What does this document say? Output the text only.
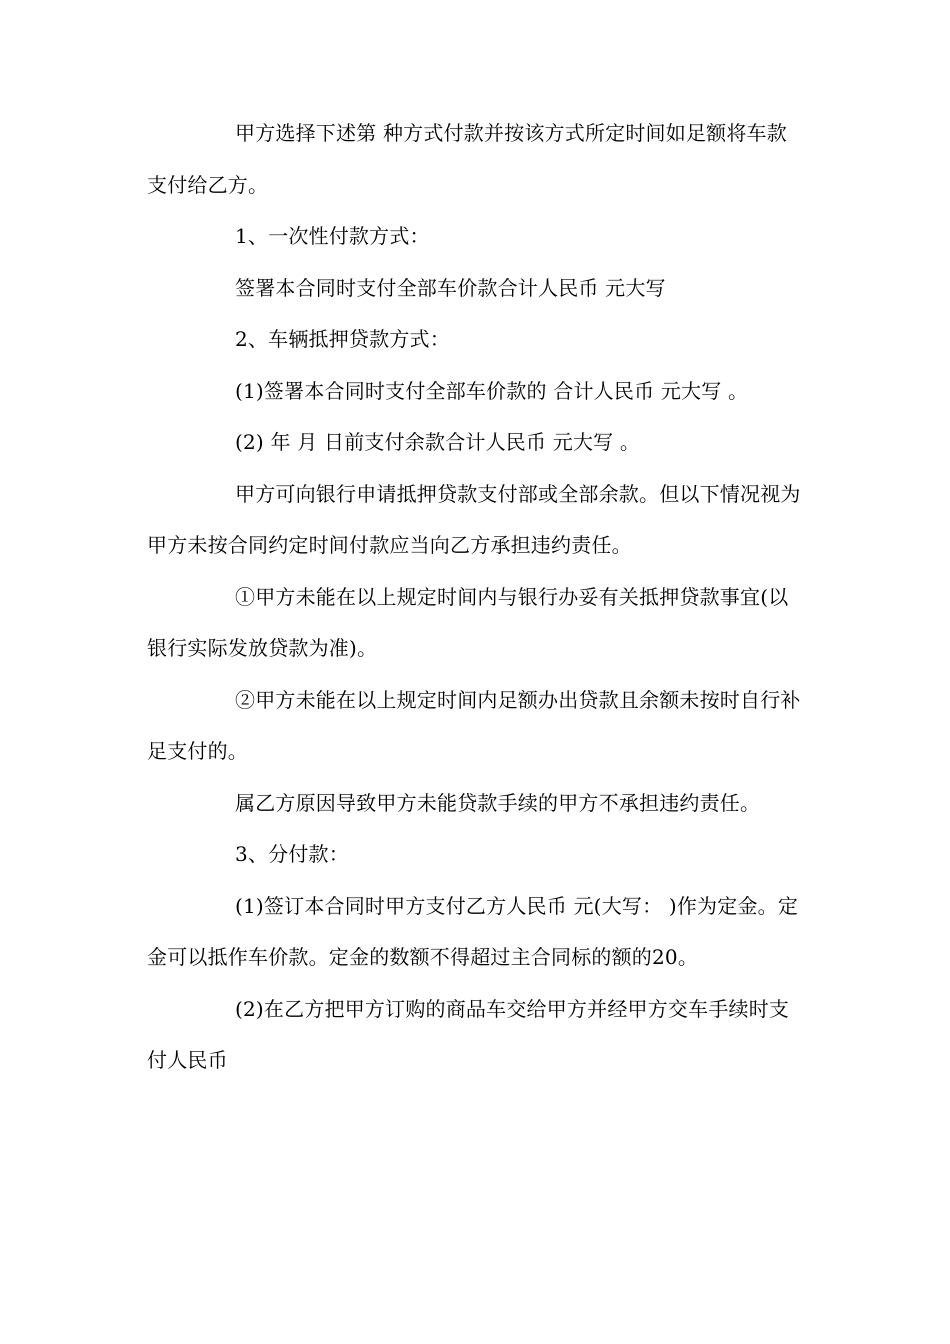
甲方选择下述第 种方式付款并按该方式所定时间如足额将车款支付给乙方。

1、一次性付款方式：

签署本合同时支付全部车价款合计人民币 元大写

2、车辆抵押贷款方式：

(1)签署本合同时支付全部车价款的 合计人民币 元大写 。

(2) 年 月 日前支付余款合计人民币 元大写 。

甲方可向银行申请抵押贷款支付部或全部余款。但以下情况视为甲方未按合同约定时间付款应当向乙方承担违约责任。

①甲方未能在以上规定时间内与银行办妥有关抵押贷款事宜(以银行实际发放贷款为准)。

②甲方未能在以上规定时间内足额办出贷款且余额未按时自行补足支付的。

属乙方原因导致甲方未能贷款手续的甲方不承担违约责任。

3、分付款：

(1)签订本合同时甲方支付乙方人民币 元(大写： )作为定金。定金可以抵作车价款。定金的数额不得超过主合同标的额的20。

(2)在乙方把甲方订购的商品车交给甲方并经甲方交车手续时支付人民币
